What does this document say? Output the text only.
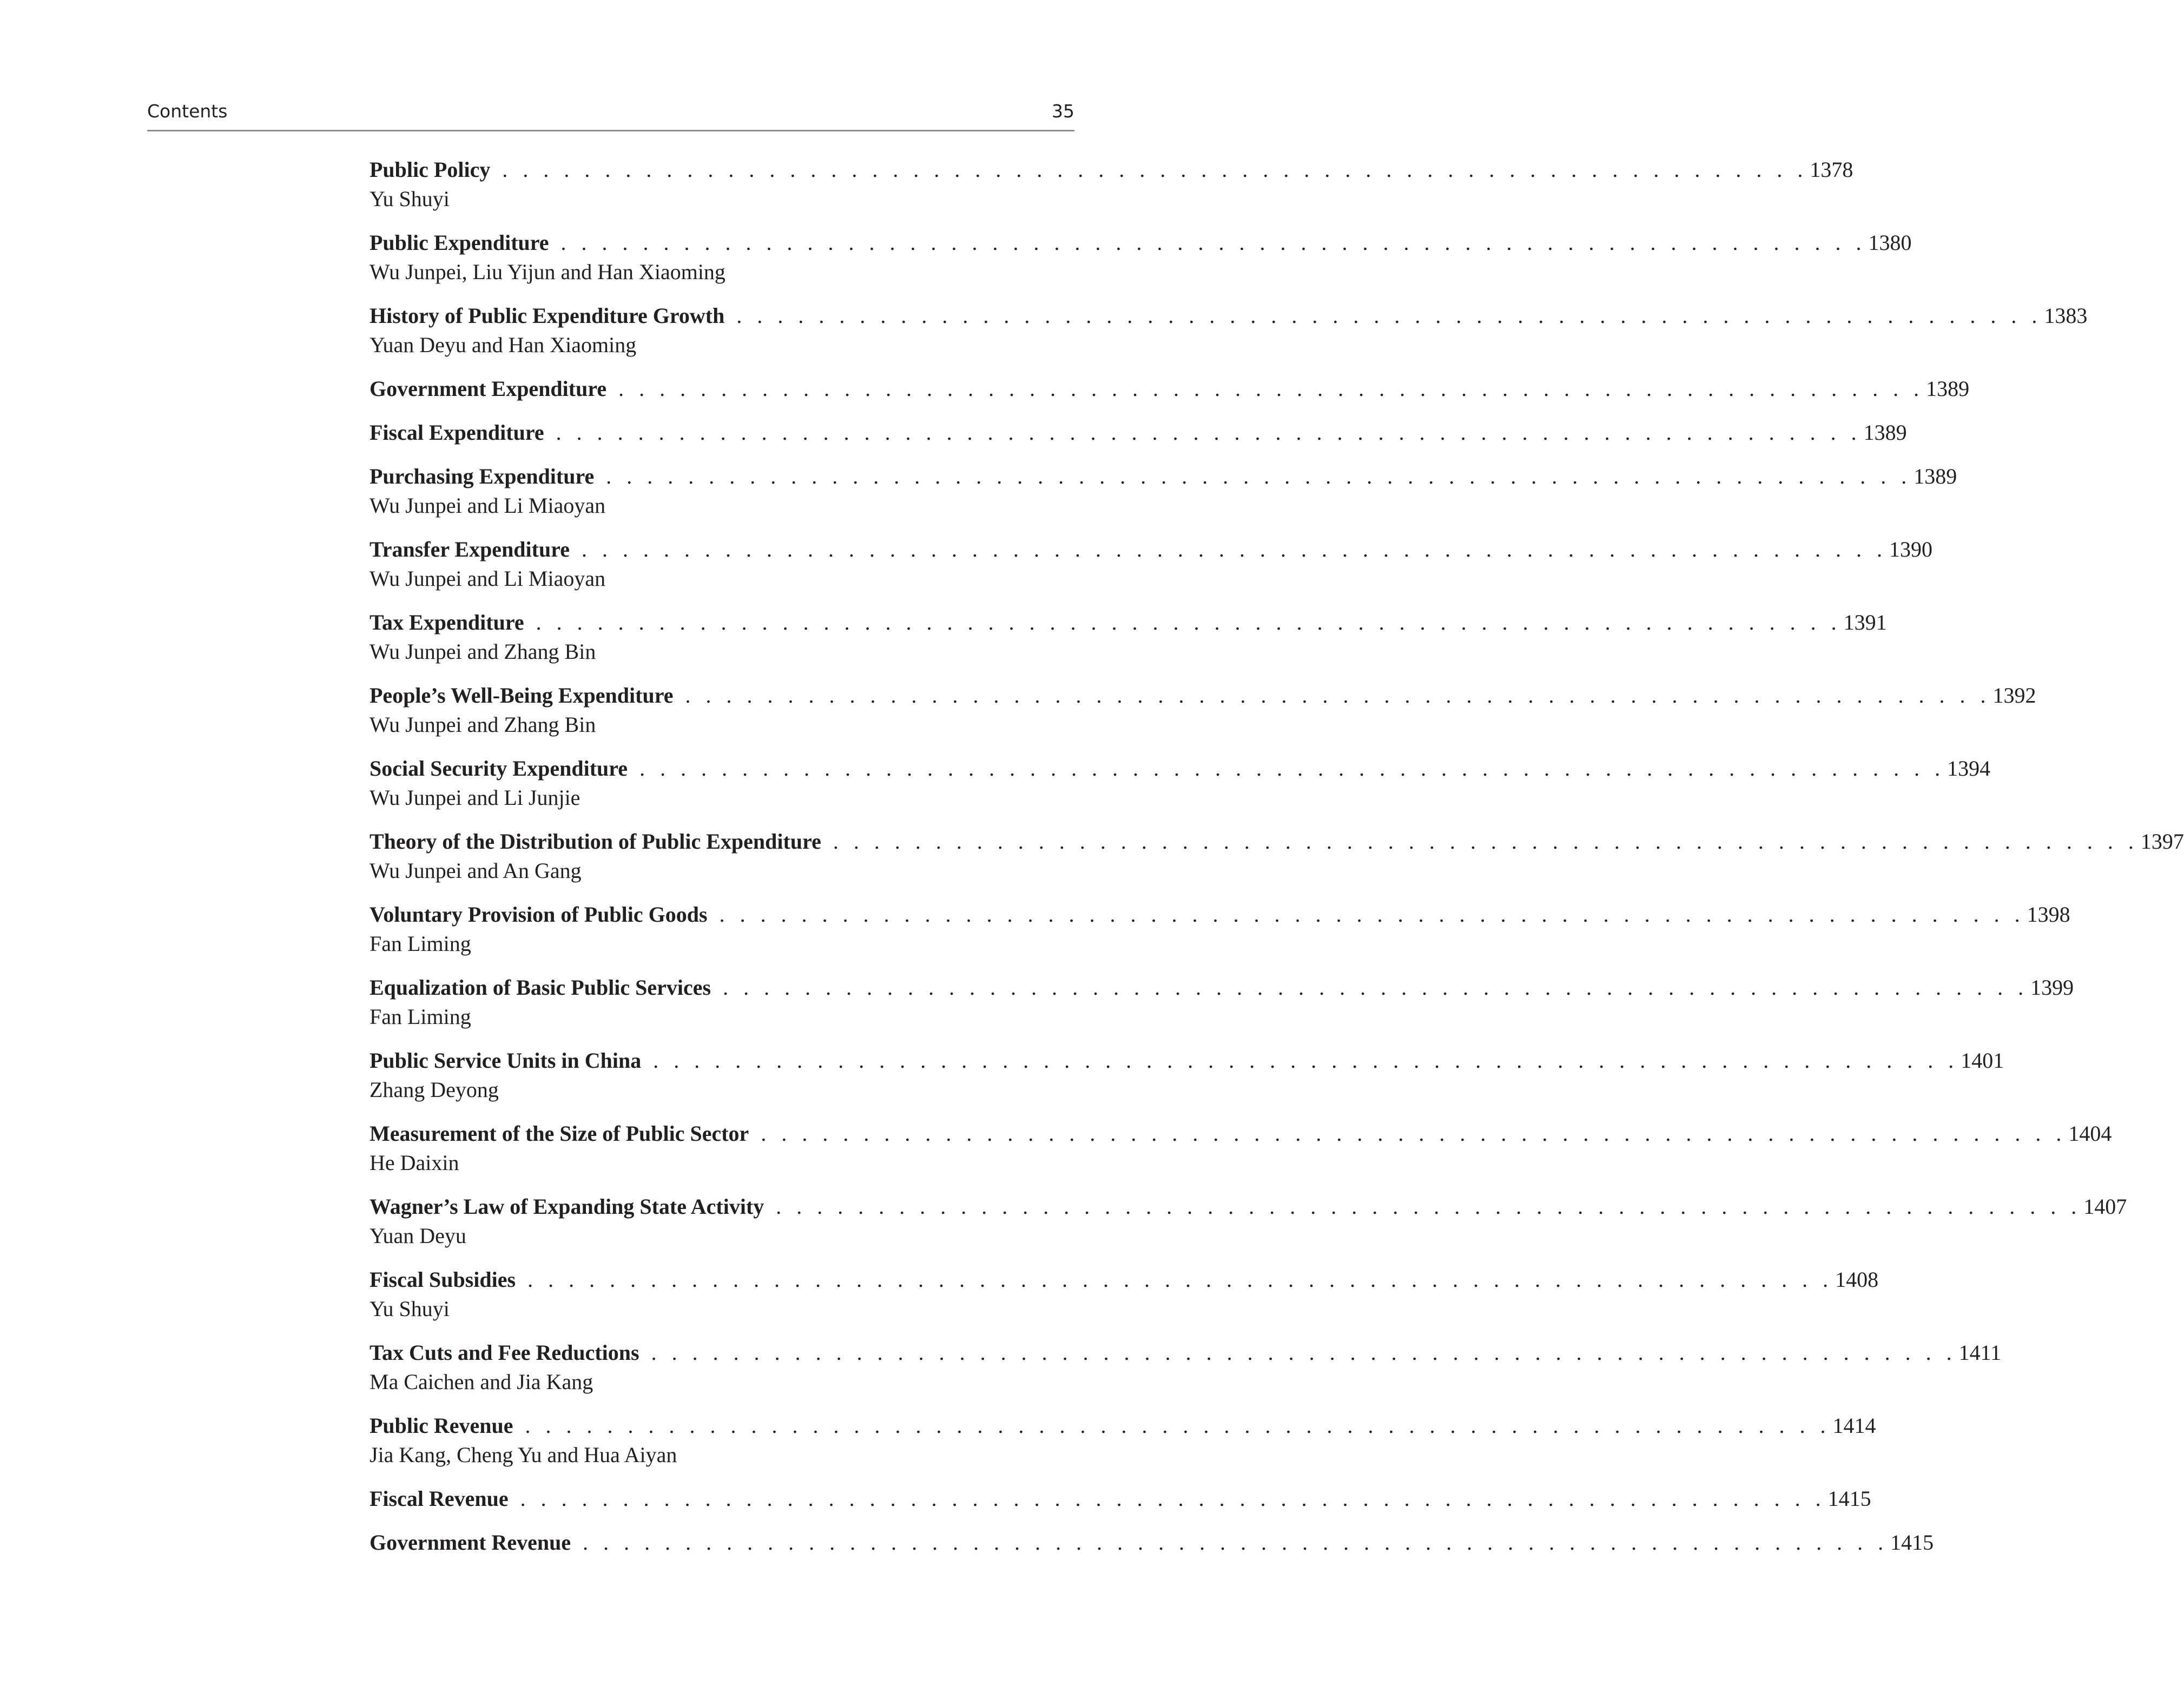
Contents	35
Public Policy . . . . . . . . . . . . . . . . . . . . . . . . . . . . . . . . . . . . . . . . . . . . . . . . . . . . . . . . . . . . . . . . 1378
Yu Shuyi
Public Expenditure . . . . . . . . . . . . . . . . . . . . . . . . . . . . . . . . . . . . . . . . . . . . . . . . . . . . . . . . . . . . . . . . 1380
Wu Junpei, Liu Yijun and Han Xiaoming
History of Public Expenditure Growth . . . . . . . . . . . . . . . . . . . . . . . . . . . . . . . . . . . . . . . . . . . . . . . . . . . . . . . . . . . . . . . . 1383
Yuan Deyu and Han Xiaoming
Government Expenditure . . . . . . . . . . . . . . . . . . . . . . . . . . . . . . . . . . . . . . . . . . . . . . . . . . . . . . . . . . . . . . . . 1389
Fiscal Expenditure . . . . . . . . . . . . . . . . . . . . . . . . . . . . . . . . . . . . . . . . . . . . . . . . . . . . . . . . . . . . . . . . 1389
Purchasing Expenditure . . . . . . . . . . . . . . . . . . . . . . . . . . . . . . . . . . . . . . . . . . . . . . . . . . . . . . . . . . . . . . . . 1389
Wu Junpei and Li Miaoyan
Transfer Expenditure . . . . . . . . . . . . . . . . . . . . . . . . . . . . . . . . . . . . . . . . . . . . . . . . . . . . . . . . . . . . . . . . 1390
Wu Junpei and Li Miaoyan
Tax Expenditure . . . . . . . . . . . . . . . . . . . . . . . . . . . . . . . . . . . . . . . . . . . . . . . . . . . . . . . . . . . . . . . . 1391
Wu Junpei and Zhang Bin
People’s Well-Being Expenditure . . . . . . . . . . . . . . . . . . . . . . . . . . . . . . . . . . . . . . . . . . . . . . . . . . . . . . . . . . . . . . . . 1392
Wu Junpei and Zhang Bin
Social Security Expenditure . . . . . . . . . . . . . . . . . . . . . . . . . . . . . . . . . . . . . . . . . . . . . . . . . . . . . . . . . . . . . . . . 1394
Wu Junpei and Li Junjie
Theory of the Distribution of Public Expenditure . . . . . . . . . . . . . . . . . . . . . . . . . . . . . . . . . . . . . . . . . . . . . . . . . . . . . . . . . . . . . . . . 1397
Wu Junpei and An Gang
Voluntary Provision of Public Goods . . . . . . . . . . . . . . . . . . . . . . . . . . . . . . . . . . . . . . . . . . . . . . . . . . . . . . . . . . . . . . . . 1398
Fan Liming
Equalization of Basic Public Services . . . . . . . . . . . . . . . . . . . . . . . . . . . . . . . . . . . . . . . . . . . . . . . . . . . . . . . . . . . . . . . . 1399
Fan Liming
Public Service Units in China . . . . . . . . . . . . . . . . . . . . . . . . . . . . . . . . . . . . . . . . . . . . . . . . . . . . . . . . . . . . . . . . 1401
Zhang Deyong
Measurement of the Size of Public Sector . . . . . . . . . . . . . . . . . . . . . . . . . . . . . . . . . . . . . . . . . . . . . . . . . . . . . . . . . . . . . . . . 1404
He Daixin
Wagner’s Law of Expanding State Activity . . . . . . . . . . . . . . . . . . . . . . . . . . . . . . . . . . . . . . . . . . . . . . . . . . . . . . . . . . . . . . . . 1407
Yuan Deyu
Fiscal Subsidies . . . . . . . . . . . . . . . . . . . . . . . . . . . . . . . . . . . . . . . . . . . . . . . . . . . . . . . . . . . . . . . . 1408
Yu Shuyi
Tax Cuts and Fee Reductions . . . . . . . . . . . . . . . . . . . . . . . . . . . . . . . . . . . . . . . . . . . . . . . . . . . . . . . . . . . . . . . . 1411
Ma Caichen and Jia Kang
Public Revenue . . . . . . . . . . . . . . . . . . . . . . . . . . . . . . . . . . . . . . . . . . . . . . . . . . . . . . . . . . . . . . . . 1414
Jia Kang, Cheng Yu and Hua Aiyan
Fiscal Revenue . . . . . . . . . . . . . . . . . . . . . . . . . . . . . . . . . . . . . . . . . . . . . . . . . . . . . . . . . . . . . . . . 1415
Government Revenue . . . . . . . . . . . . . . . . . . . . . . . . . . . . . . . . . . . . . . . . . . . . . . . . . . . . . . . . . . . . . . . . 1415
